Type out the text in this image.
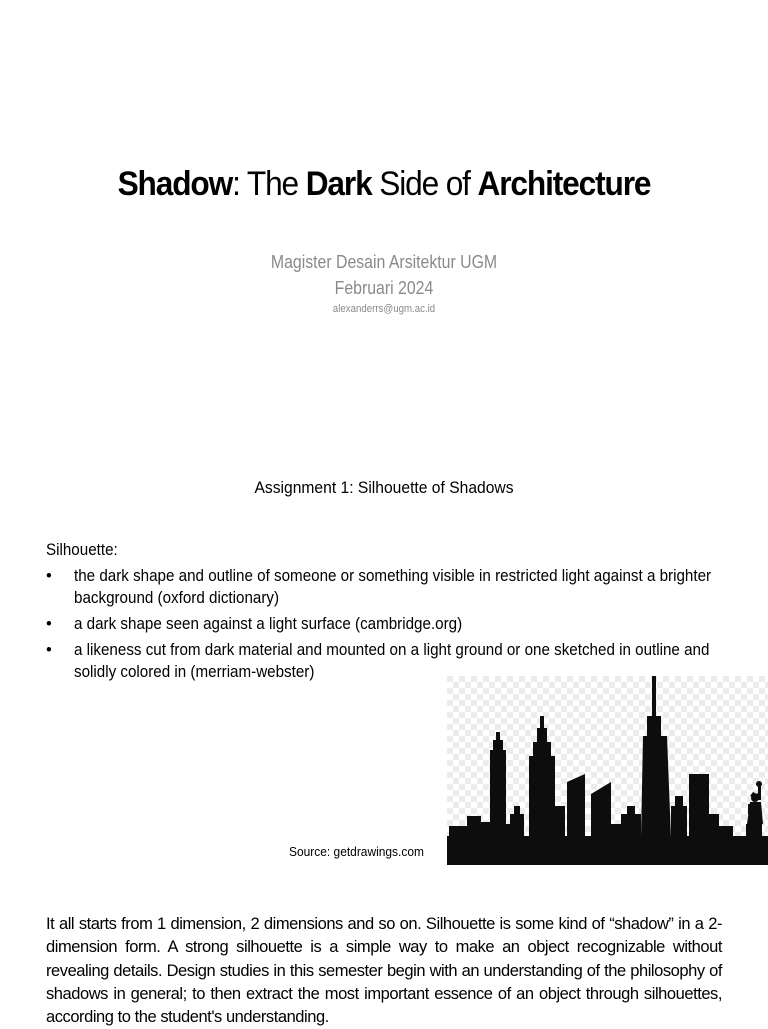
Shadow: The Dark Side of Architecture
Magister Desain Arsitektur UGM
Februari 2024
alexanderrs@ugm.ac.id
Assignment 1: Silhouette of Shadows
Silhouette:
• the dark shape and outline of someone or something visible in restricted light against a brighter background (oxford dictionary)
• a dark shape seen against a light surface (cambridge.org)
• a likeness cut from dark material and mounted on a light ground or one sketched in outline and solidly colored in (merriam-webster)
Source: getdrawings.com
It all starts from 1 dimension, 2 dimensions and so on. Silhouette is some kind of “shadow” in a 2-dimension form. A strong silhouette is a simple way to make an object recognizable without revealing details. Design studies in this semester begin with an understanding of the philosophy of shadows in general; to then extract the most important essence of an object through silhouettes, according to the student's understanding.
